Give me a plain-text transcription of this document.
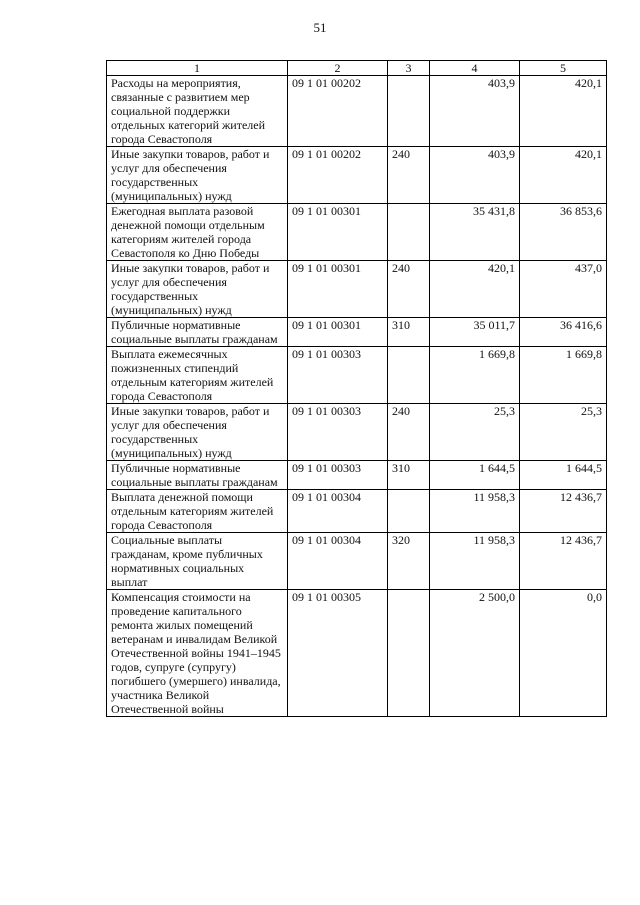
51
1	2	3	4	5
Расходы на мероприятия, связанные с развитием мер социальной поддержки отдельных категорий жителей города Севастополя	09 1 01 00202		403,9	420,1
Иные закупки товаров, работ и услуг для обеспечения государственных (муниципальных) нужд	09 1 01 00202	240	403,9	420,1
Ежегодная выплата разовой денежной помощи отдельным категориям жителей города Севастополя ко Дню Победы	09 1 01 00301		35 431,8	36 853,6
Иные закупки товаров, работ и услуг для обеспечения государственных (муниципальных) нужд	09 1 01 00301	240	420,1	437,0
Публичные нормативные социальные выплаты гражданам	09 1 01 00301	310	35 011,7	36 416,6
Выплата ежемесячных пожизненных стипендий отдельным категориям жителей города Севастополя	09 1 01 00303		1 669,8	1 669,8
Иные закупки товаров, работ и услуг для обеспечения государственных (муниципальных) нужд	09 1 01 00303	240	25,3	25,3
Публичные нормативные социальные выплаты гражданам	09 1 01 00303	310	1 644,5	1 644,5
Выплата денежной помощи отдельным категориям жителей города Севастополя	09 1 01 00304		11 958,3	12 436,7
Социальные выплаты гражданам, кроме публичных нормативных социальных выплат	09 1 01 00304	320	11 958,3	12 436,7
Компенсация стоимости на проведение капитального ремонта жилых помещений ветеранам и инвалидам Великой Отечественной войны 1941–1945 годов, супруге (супругу) погибшего (умершего) инвалида, участника Великой Отечественной войны	09 1 01 00305		2 500,0	0,0
